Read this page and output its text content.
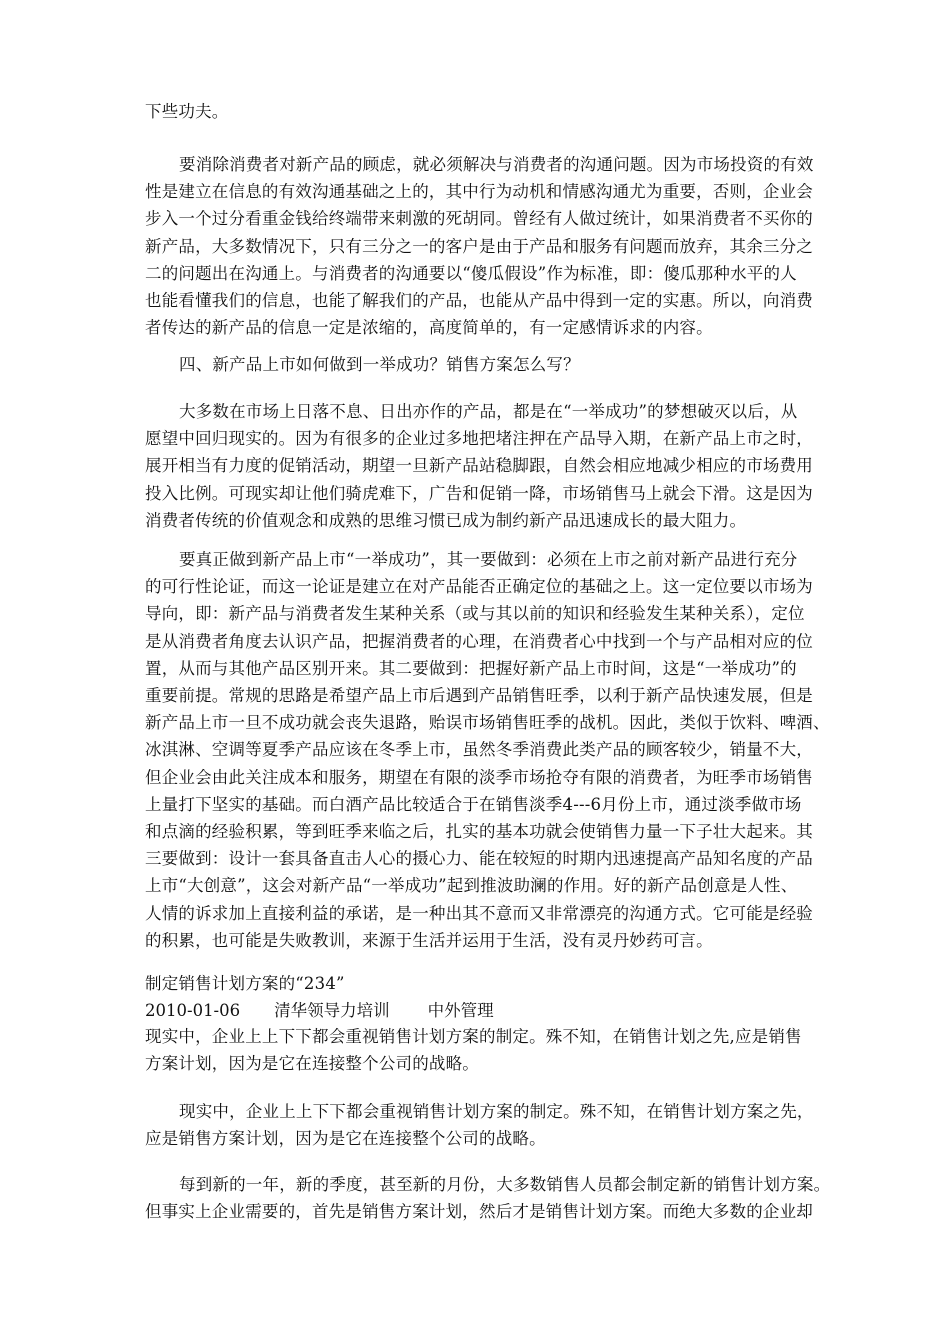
下些功夫。
要消除消费者对新产品的顾虑，就必须解决与消费者的沟通问题。因为市场投资的有效
性是建立在信息的有效沟通基础之上的，其中行为动机和情感沟通尤为重要，否则，企业会
步入一个过分看重金钱给终端带来刺激的死胡同。曾经有人做过统计，如果消费者不买你的
新产品，大多数情况下，只有三分之一的客户是由于产品和服务有问题而放弃，其余三分之
二的问题出在沟通上。与消费者的沟通要以“傻瓜假设”作为标准，即：傻瓜那种水平的人
也能看懂我们的信息，也能了解我们的产品，也能从产品中得到一定的实惠。所以，向消费
者传达的新产品的信息一定是浓缩的，高度简单的，有一定感情诉求的内容。
四、新产品上市如何做到一举成功？销售方案怎么写？
大多数在市场上日落不息、日出亦作的产品，都是在“一举成功”的梦想破灭以后，从
愿望中回归现实的。因为有很多的企业过多地把堵注押在产品导入期，在新产品上市之时，
展开相当有力度的促销活动，期望一旦新产品站稳脚跟，自然会相应地减少相应的市场费用
投入比例。可现实却让他们骑虎难下，广告和促销一降，市场销售马上就会下滑。这是因为
消费者传统的价值观念和成熟的思维习惯已成为制约新产品迅速成长的最大阻力。
要真正做到新产品上市“一举成功”，其一要做到：必须在上市之前对新产品进行充分
的可行性论证，而这一论证是建立在对产品能否正确定位的基础之上。这一定位要以市场为
导向，即：新产品与消费者发生某种关系（或与其以前的知识和经验发生某种关系），定位
是从消费者角度去认识产品，把握消费者的心理，在消费者心中找到一个与产品相对应的位
置，从而与其他产品区别开来。其二要做到：把握好新产品上市时间，这是“一举成功”的
重要前提。常规的思路是希望产品上市后遇到产品销售旺季，以利于新产品快速发展，但是
新产品上市一旦不成功就会丧失退路，贻误市场销售旺季的战机。因此，类似于饮料、啤酒、
冰淇淋、空调等夏季产品应该在冬季上市，虽然冬季消费此类产品的顾客较少，销量不大，
但企业会由此关注成本和服务，期望在有限的淡季市场抢夺有限的消费者，为旺季市场销售
上量打下坚实的基础。而白酒产品比较适合于在销售淡季4---6月份上市，通过淡季做市场
和点滴的经验积累，等到旺季来临之后，扎实的基本功就会使销售力量一下子壮大起来。其
三要做到：设计一套具备直击人心的摄心力、能在较短的时期内迅速提高产品知名度的产品
上市“大创意”，这会对新产品“一举成功”起到推波助澜的作用。好的新产品创意是人性、
人情的诉求加上直接利益的承诺，是一种出其不意而又非常漂亮的沟通方式。它可能是经验
的积累，也可能是失败教训，来源于生活并运用于生活，没有灵丹妙药可言。
制定销售计划方案的“234”
2010-01-06 清华领导力培训 中外管理
现实中，企业上上下下都会重视销售计划方案的制定。殊不知，在销售计划之先,应是销售
方案计划，因为是它在连接整个公司的战略。
现实中，企业上上下下都会重视销售计划方案的制定。殊不知，在销售计划方案之先，
应是销售方案计划，因为是它在连接整个公司的战略。
每到新的一年，新的季度，甚至新的月份，大多数销售人员都会制定新的销售计划方案。
但事实上企业需要的，首先是销售方案计划，然后才是销售计划方案。而绝大多数的企业却
